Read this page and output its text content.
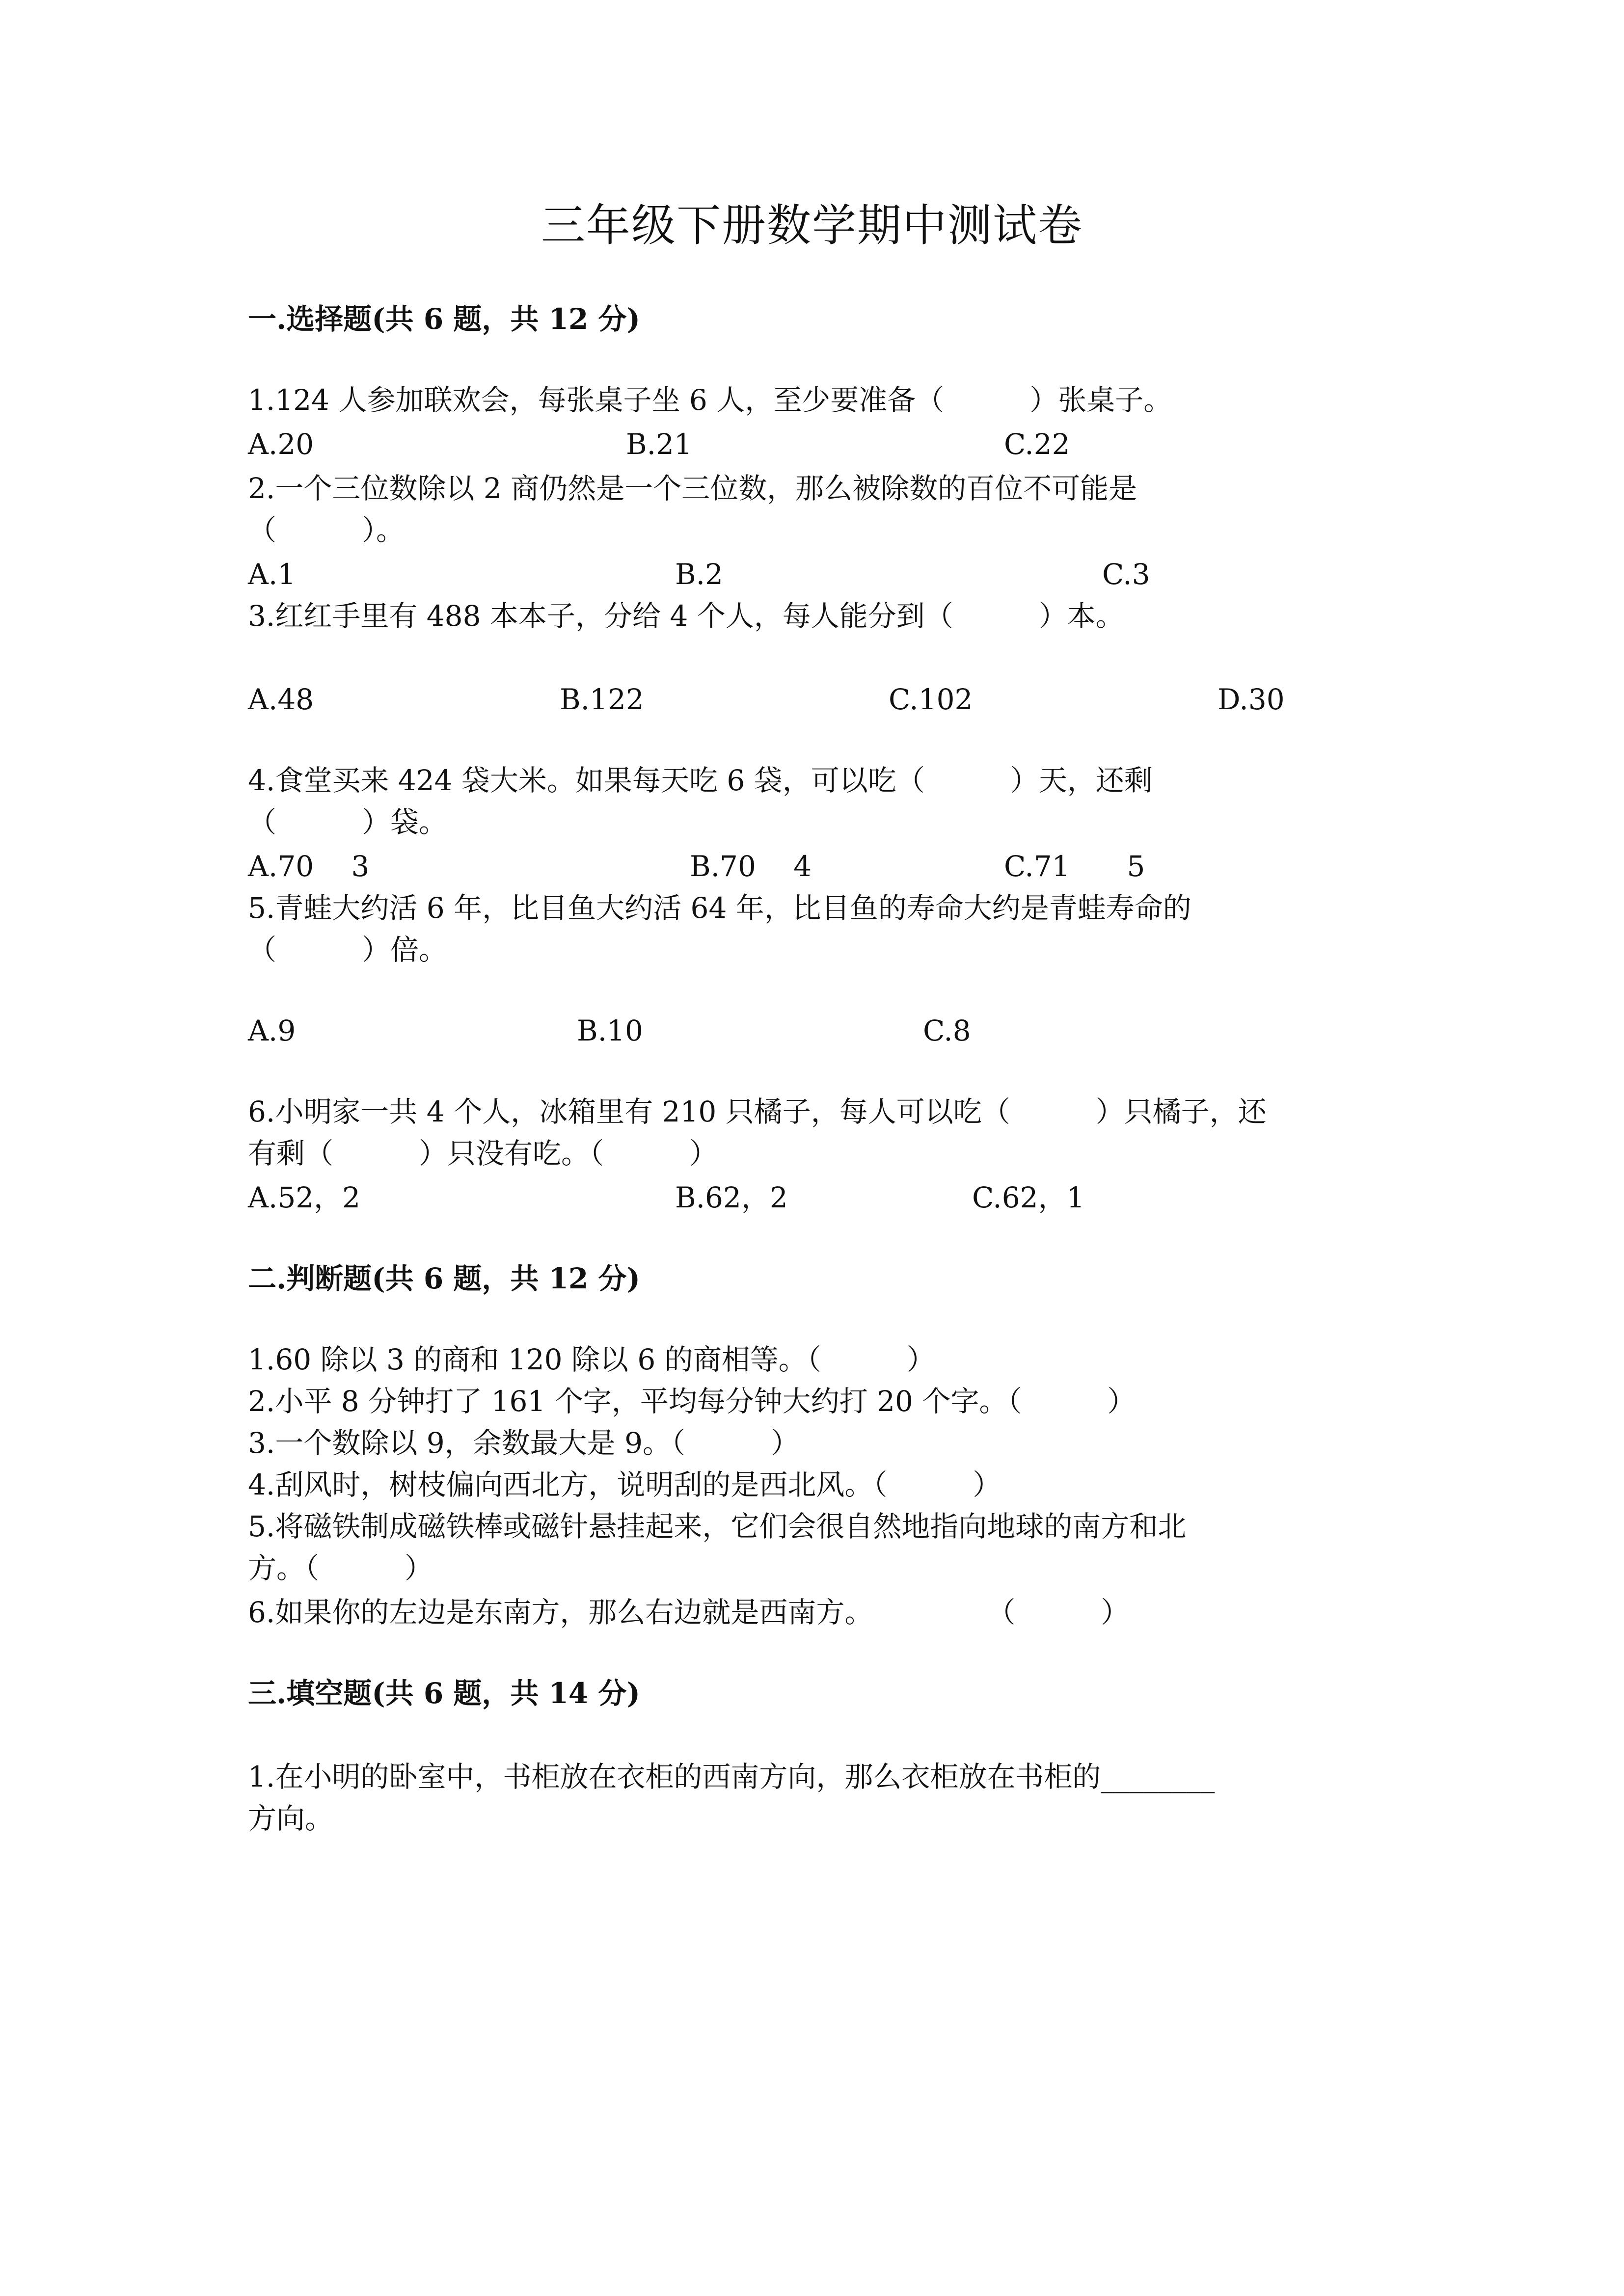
三年级下册数学期中测试卷
一.选择题(共 6 题，共 12 分)
1.124 人参加联欢会，每张桌子坐 6 人，至少要准备（　　　）张桌子。
A.20	B.21	C.22
2.一个三位数除以 2 商仍然是一个三位数，那么被除数的百位不可能是
（　　　）。
A.1	B.2	C.3
3.红红手里有 488 本本子，分给 4 个人，每人能分到（　　　）本。
A.48	B.122	C.102	D.30
4.食堂买来 424 袋大米。如果每天吃 6 袋，可以吃（　　　）天，还剩
（　　　）袋。
A.70　 3	B.70　 4	C.71　　5
5.青蛙大约活 6 年，比目鱼大约活 64 年，比目鱼的寿命大约是青蛙寿命的
（　　　）倍。
A.9	B.10	C.8
6.小明家一共 4 个人，冰箱里有 210 只橘子，每人可以吃（　　　）只橘子，还
有剩（　　　）只没有吃。（　　　）
A.52，2	B.62，2	C.62，1
二.判断题(共 6 题，共 12 分)
1.60 除以 3 的商和 120 除以 6 的商相等。（　　　）
2.小平 8 分钟打了 161 个字，平均每分钟大约打 20 个字。（　　　）
3.一个数除以 9，余数最大是 9。（　　　）
4.刮风时，树枝偏向西北方，说明刮的是西北风。（　　　）
5.将磁铁制成磁铁棒或磁针悬挂起来，它们会很自然地指向地球的南方和北
方。（　　　）
6.如果你的左边是东南方，那么右边就是西南方。　　　　　（　　　）
三.填空题(共 6 题，共 14 分)
1.在小明的卧室中，书柜放在衣柜的西南方向，那么衣柜放在书柜的________
方向。
